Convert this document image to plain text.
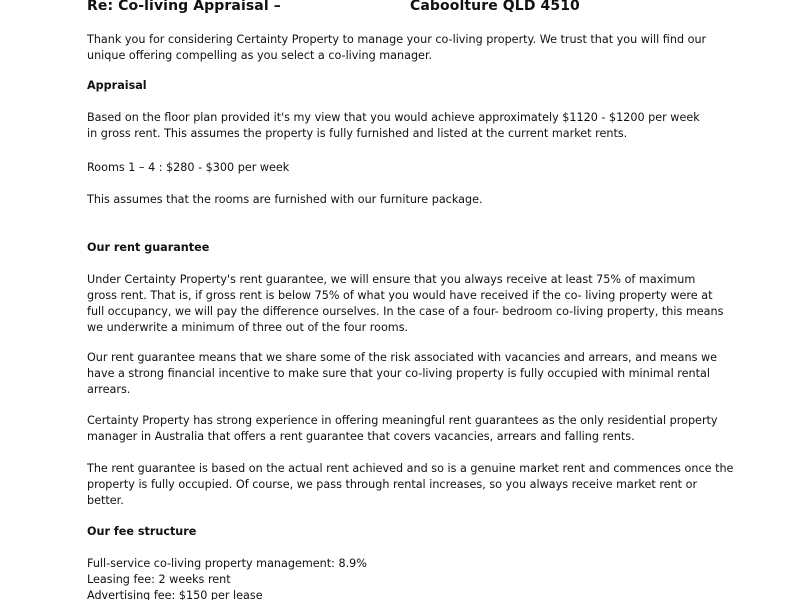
Re: Co-living Appraisal –	Caboolture QLD 4510

Thank you for considering Certainty Property to manage your co-living property. We trust that you will find our
unique offering compelling as you select a co-living manager.

Appraisal

Based on the floor plan provided it's my view that you would achieve approximately $1120 - $1200 per week
in gross rent. This assumes the property is fully furnished and listed at the current market rents.

Rooms 1 – 4 : $280 - $300 per week

This assumes that the rooms are furnished with our furniture package.

Our rent guarantee

Under Certainty Property's rent guarantee, we will ensure that you always receive at least 75% of maximum
gross rent. That is, if gross rent is below 75% of what you would have received if the co- living property were at
full occupancy, we will pay the difference ourselves. In the case of a four- bedroom co-living property, this means
we underwrite a minimum of three out of the four rooms.

Our rent guarantee means that we share some of the risk associated with vacancies and arrears, and means we
have a strong financial incentive to make sure that your co-living property is fully occupied with minimal rental
arrears.

Certainty Property has strong experience in offering meaningful rent guarantees as the only residential property
manager in Australia that offers a rent guarantee that covers vacancies, arrears and falling rents.

The rent guarantee is based on the actual rent achieved and so is a genuine market rent and commences once the
property is fully occupied. Of course, we pass through rental increases, so you always receive market rent or
better.

Our fee structure

Full-service co-living property management: 8.9%
Leasing fee: 2 weeks rent
Advertising fee: $150 per lease
